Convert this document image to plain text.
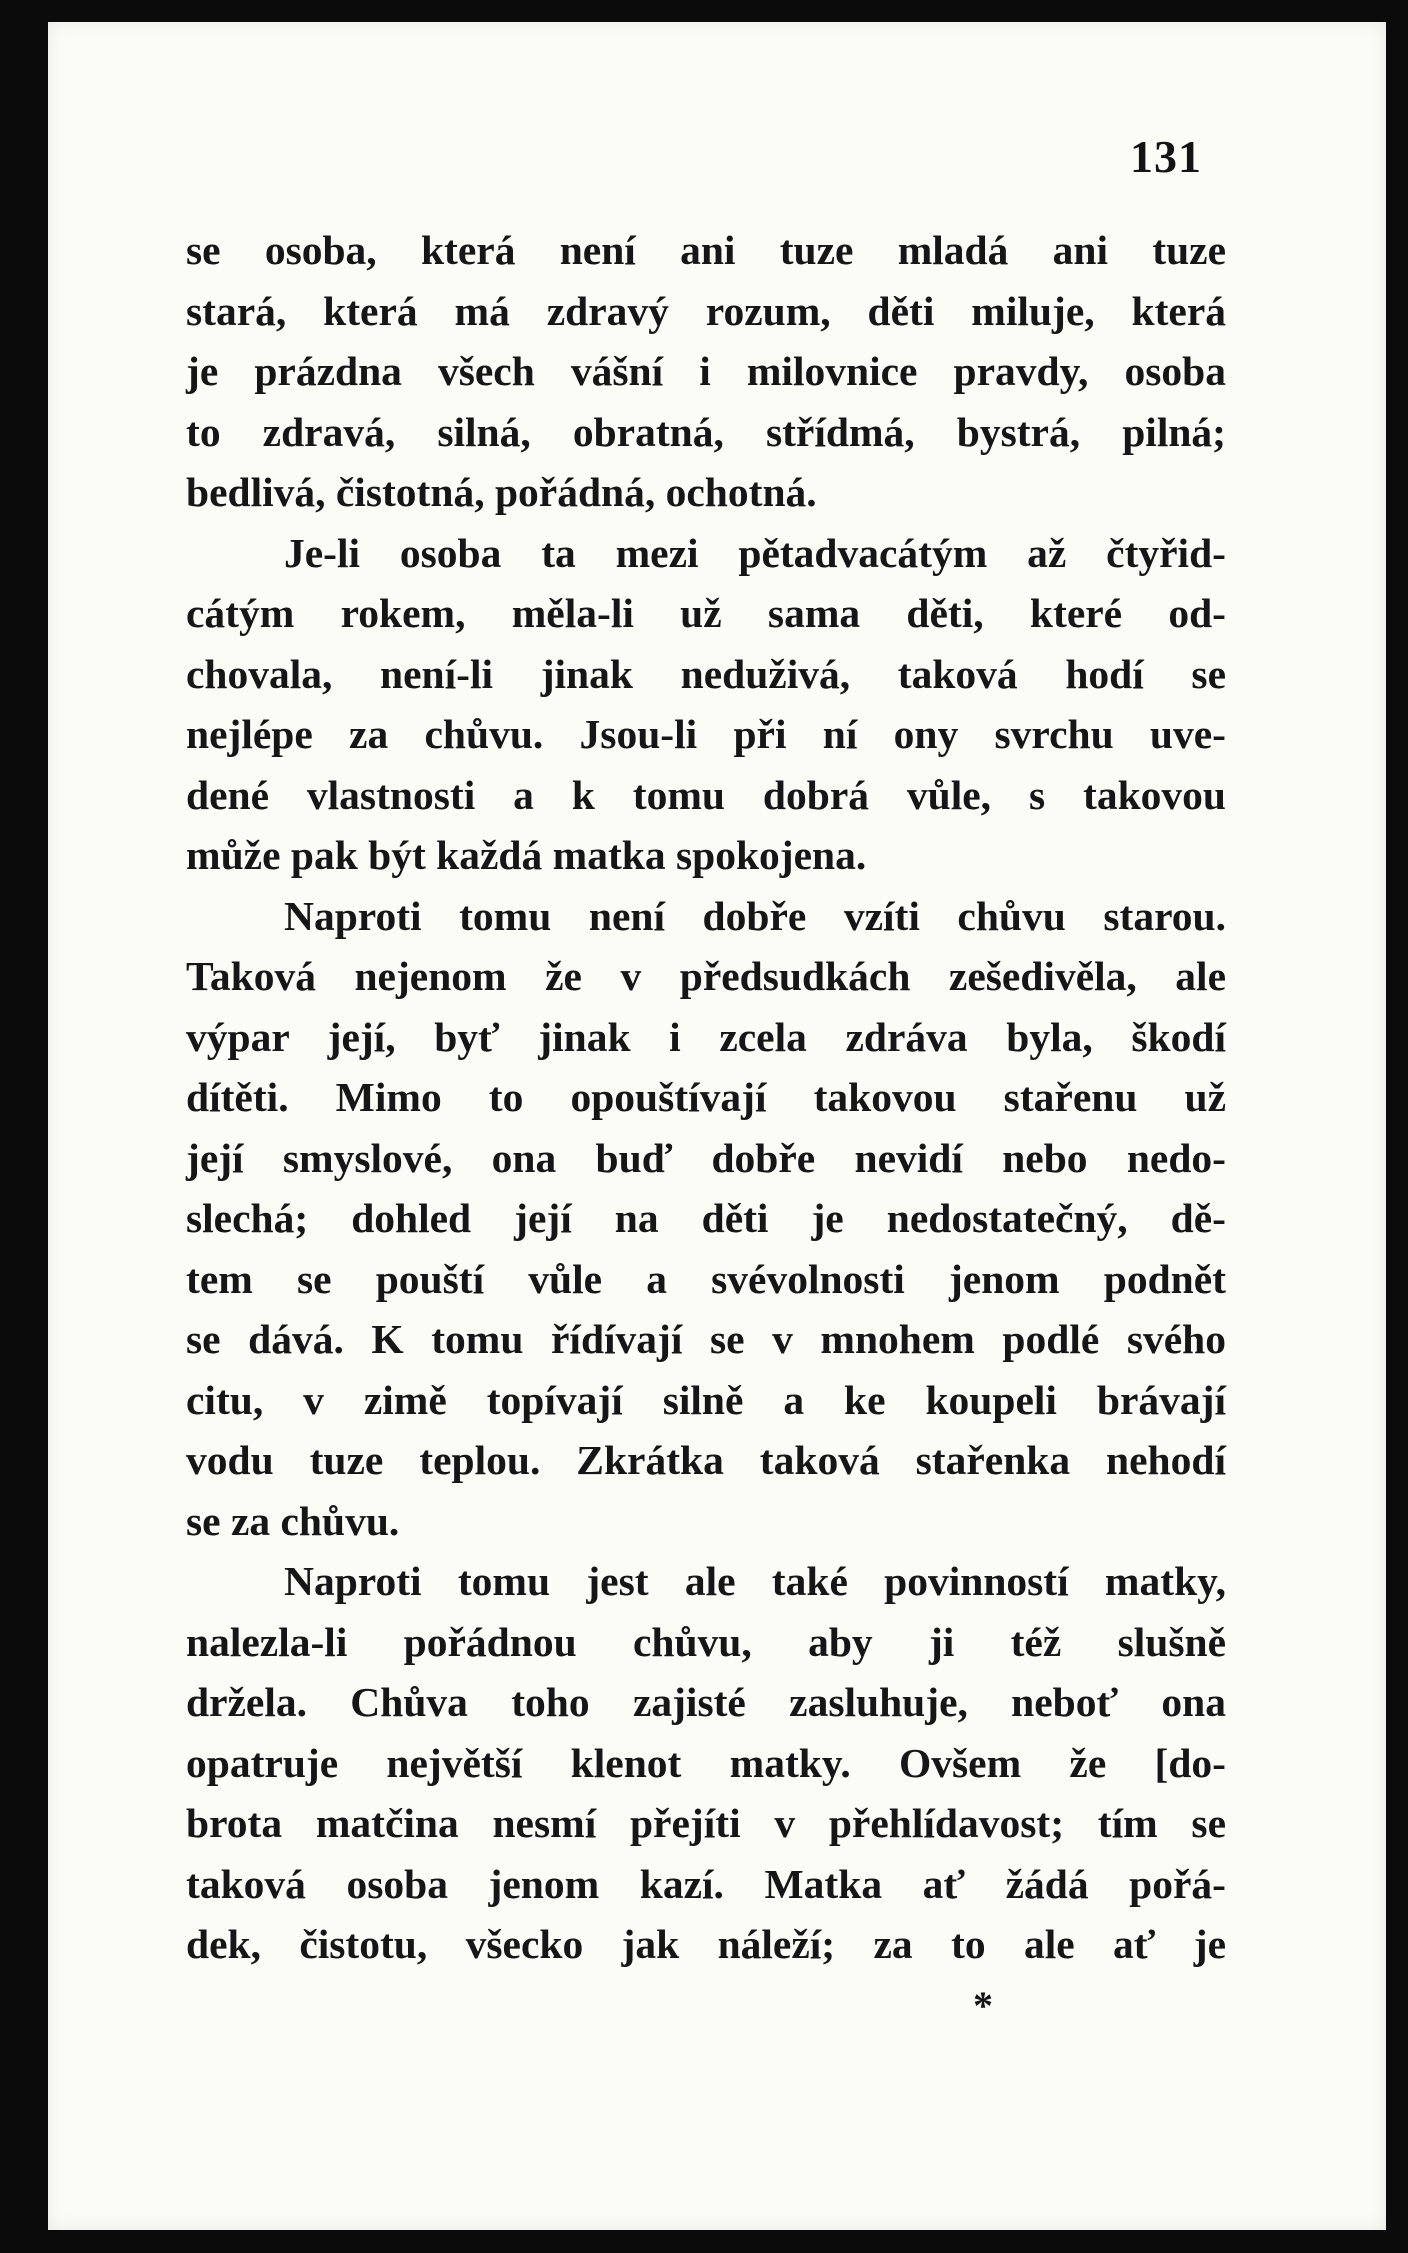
131
se osoba, která není ani tuze mladá ani tuze
stará, která má zdravý rozum, děti miluje, která
je prázdna všech vášní i milovnice pravdy, osoba
to zdravá, silná, obratná, střídmá, bystrá, pilná;
bedlivá, čistotná, pořádná, ochotná.
Je-li osoba ta mezi pětadvacátým až čtyřid-
cátým rokem, měla-li už sama děti, které od-
chovala, není-li jinak neduživá, taková hodí se
nejlépe za chůvu. Jsou-li při ní ony svrchu uve-
dené vlastnosti a k tomu dobrá vůle, s takovou
může pak být každá matka spokojena.
Naproti tomu není dobře vzíti chůvu starou.
Taková nejenom že v předsudkách zešedivěla, ale
výpar její, byť jinak i zcela zdráva byla, škodí
dítěti. Mimo to opouštívají takovou stařenu už
její smyslové, ona buď dobře nevidí nebo nedo-
slechá; dohled její na děti je nedostatečný, dě-
tem se pouští vůle a svévolnosti jenom podnět
se dává. K tomu řídívají se v mnohem podlé svého
citu, v zimě topívají silně a ke koupeli brávají
vodu tuze teplou. Zkrátka taková stařenka nehodí
se za chůvu.
Naproti tomu jest ale také povinností matky,
nalezla-li pořádnou chůvu, aby ji též slušně
držela. Chůva toho zajisté zasluhuje, neboť ona
opatruje největší klenot matky. Ovšem že [do-
brota matčina nesmí přejíti v přehlídavost; tím se
taková osoba jenom kazí. Matka ať žádá pořá-
dek, čistotu, všecko jak náleží; za to ale ať je
*
